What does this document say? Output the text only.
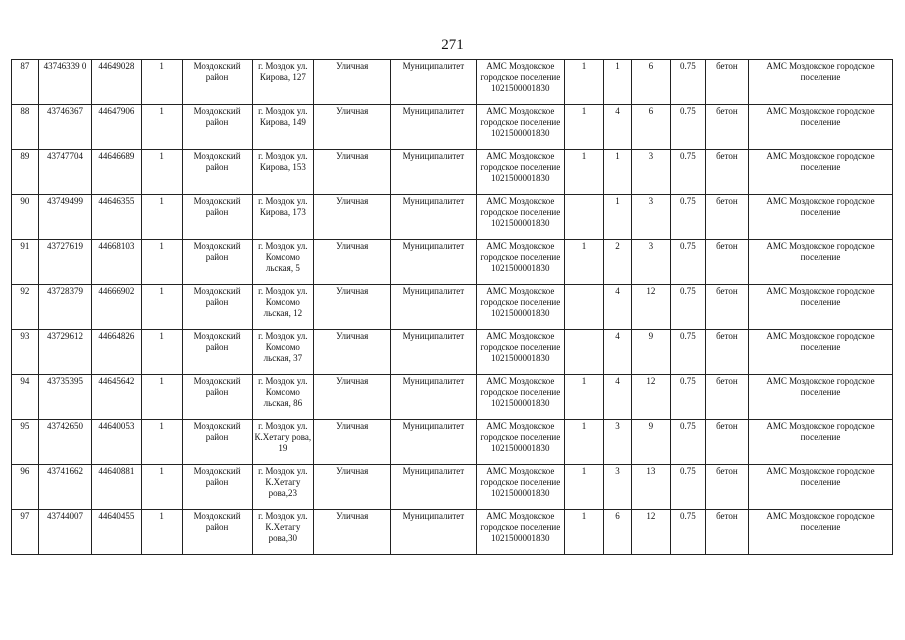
271
87	43746339 0	44649028	1	Моздокский район	г. Моздок ул. Кирова, 127	Уличная	Муниципалитет	АМС Моздокское городское поселение 1021500001830	1	1	6	0.75	бетон	АМС Моздокское городское поселение
88	43746367	44647906	1	Моздокский район	г. Моздок ул. Кирова, 149	Уличная	Муниципалитет	АМС Моздокское городское поселение 1021500001830	1	4	6	0.75	бетон	АМС Моздокское городское поселение
89	43747704	44646689	1	Моздокский район	г. Моздок ул. Кирова, 153	Уличная	Муниципалитет	АМС Моздокское городское поселение 1021500001830	1	1	3	0.75	бетон	АМС Моздокское городское поселение
90	43749499	44646355	1	Моздокский район	г. Моздок ул. Кирова, 173	Уличная	Муниципалитет	АМС Моздокское городское поселение 1021500001830		1	3	0.75	бетон	АМС Моздокское городское поселение
91	43727619	44668103	1	Моздокский район	г. Моздок ул. Комсомо льская, 5	Уличная	Муниципалитет	АМС Моздокское городское поселение 1021500001830	1	2	3	0.75	бетон	АМС Моздокское городское поселение
92	43728379	44666902	1	Моздокский район	г. Моздок ул. Комсомо льская, 12	Уличная	Муниципалитет	АМС Моздокское городское поселение 1021500001830		4	12	0.75	бетон	АМС Моздокское городское поселение
93	43729612	44664826	1	Моздокский район	г. Моздок ул. Комсомо льская, 37	Уличная	Муниципалитет	АМС Моздокское городское поселение 1021500001830		4	9	0.75	бетон	АМС Моздокское городское поселение
94	43735395	44645642	1	Моздокский район	г. Моздок ул. Комсомо льская, 86	Уличная	Муниципалитет	АМС Моздокское городское поселение 1021500001830	1	4	12	0.75	бетон	АМС Моздокское городское поселение
95	43742650	44640053	1	Моздокский район	г. Моздок ул. К.Хетагу рова, 19	Уличная	Муниципалитет	АМС Моздокское городское поселение 1021500001830	1	3	9	0.75	бетон	АМС Моздокское городское поселение
96	43741662	44640881	1	Моздокский район	г. Моздок ул. К.Хетагу рова,23	Уличная	Муниципалитет	АМС Моздокское городское поселение 1021500001830	1	3	13	0.75	бетон	АМС Моздокское городское поселение
97	43744007	44640455	1	Моздокский район	г. Моздок ул. К.Хетагу рова,30	Уличная	Муниципалитет	АМС Моздокское городское поселение 1021500001830	1	6	12	0.75	бетон	АМС Моздокское городское поселение
